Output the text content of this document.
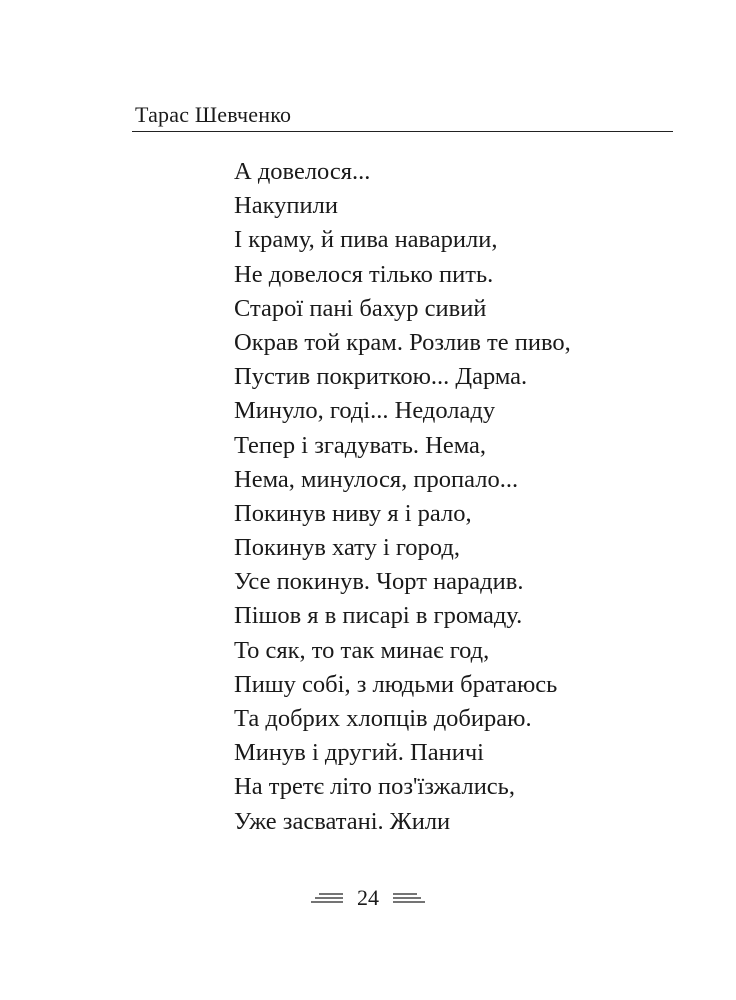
Тарас Шевченко
А довелося...
Накупили
І краму, й пива наварили,
Не довелося тілько пить.
Старої пані бахур сивий
Окрав той крам. Розлив те пиво,
Пустив покриткою... Дарма.
Минуло, годі... Недоладу
Тепер і згадувать. Нема,
Нема, минулося, пропало...
Покинув ниву я і рало,
Покинув хату і город,
Усе покинув. Чорт нарадив.
Пішов я в писарі в громаду.
То сяк, то так минає год,
Пишу собі, з людьми братаюсь
Та добрих хлопців добираю.
Минув і другий. Паничі
На третє літо поз'їзжались,
Уже засватані. Жили
24
